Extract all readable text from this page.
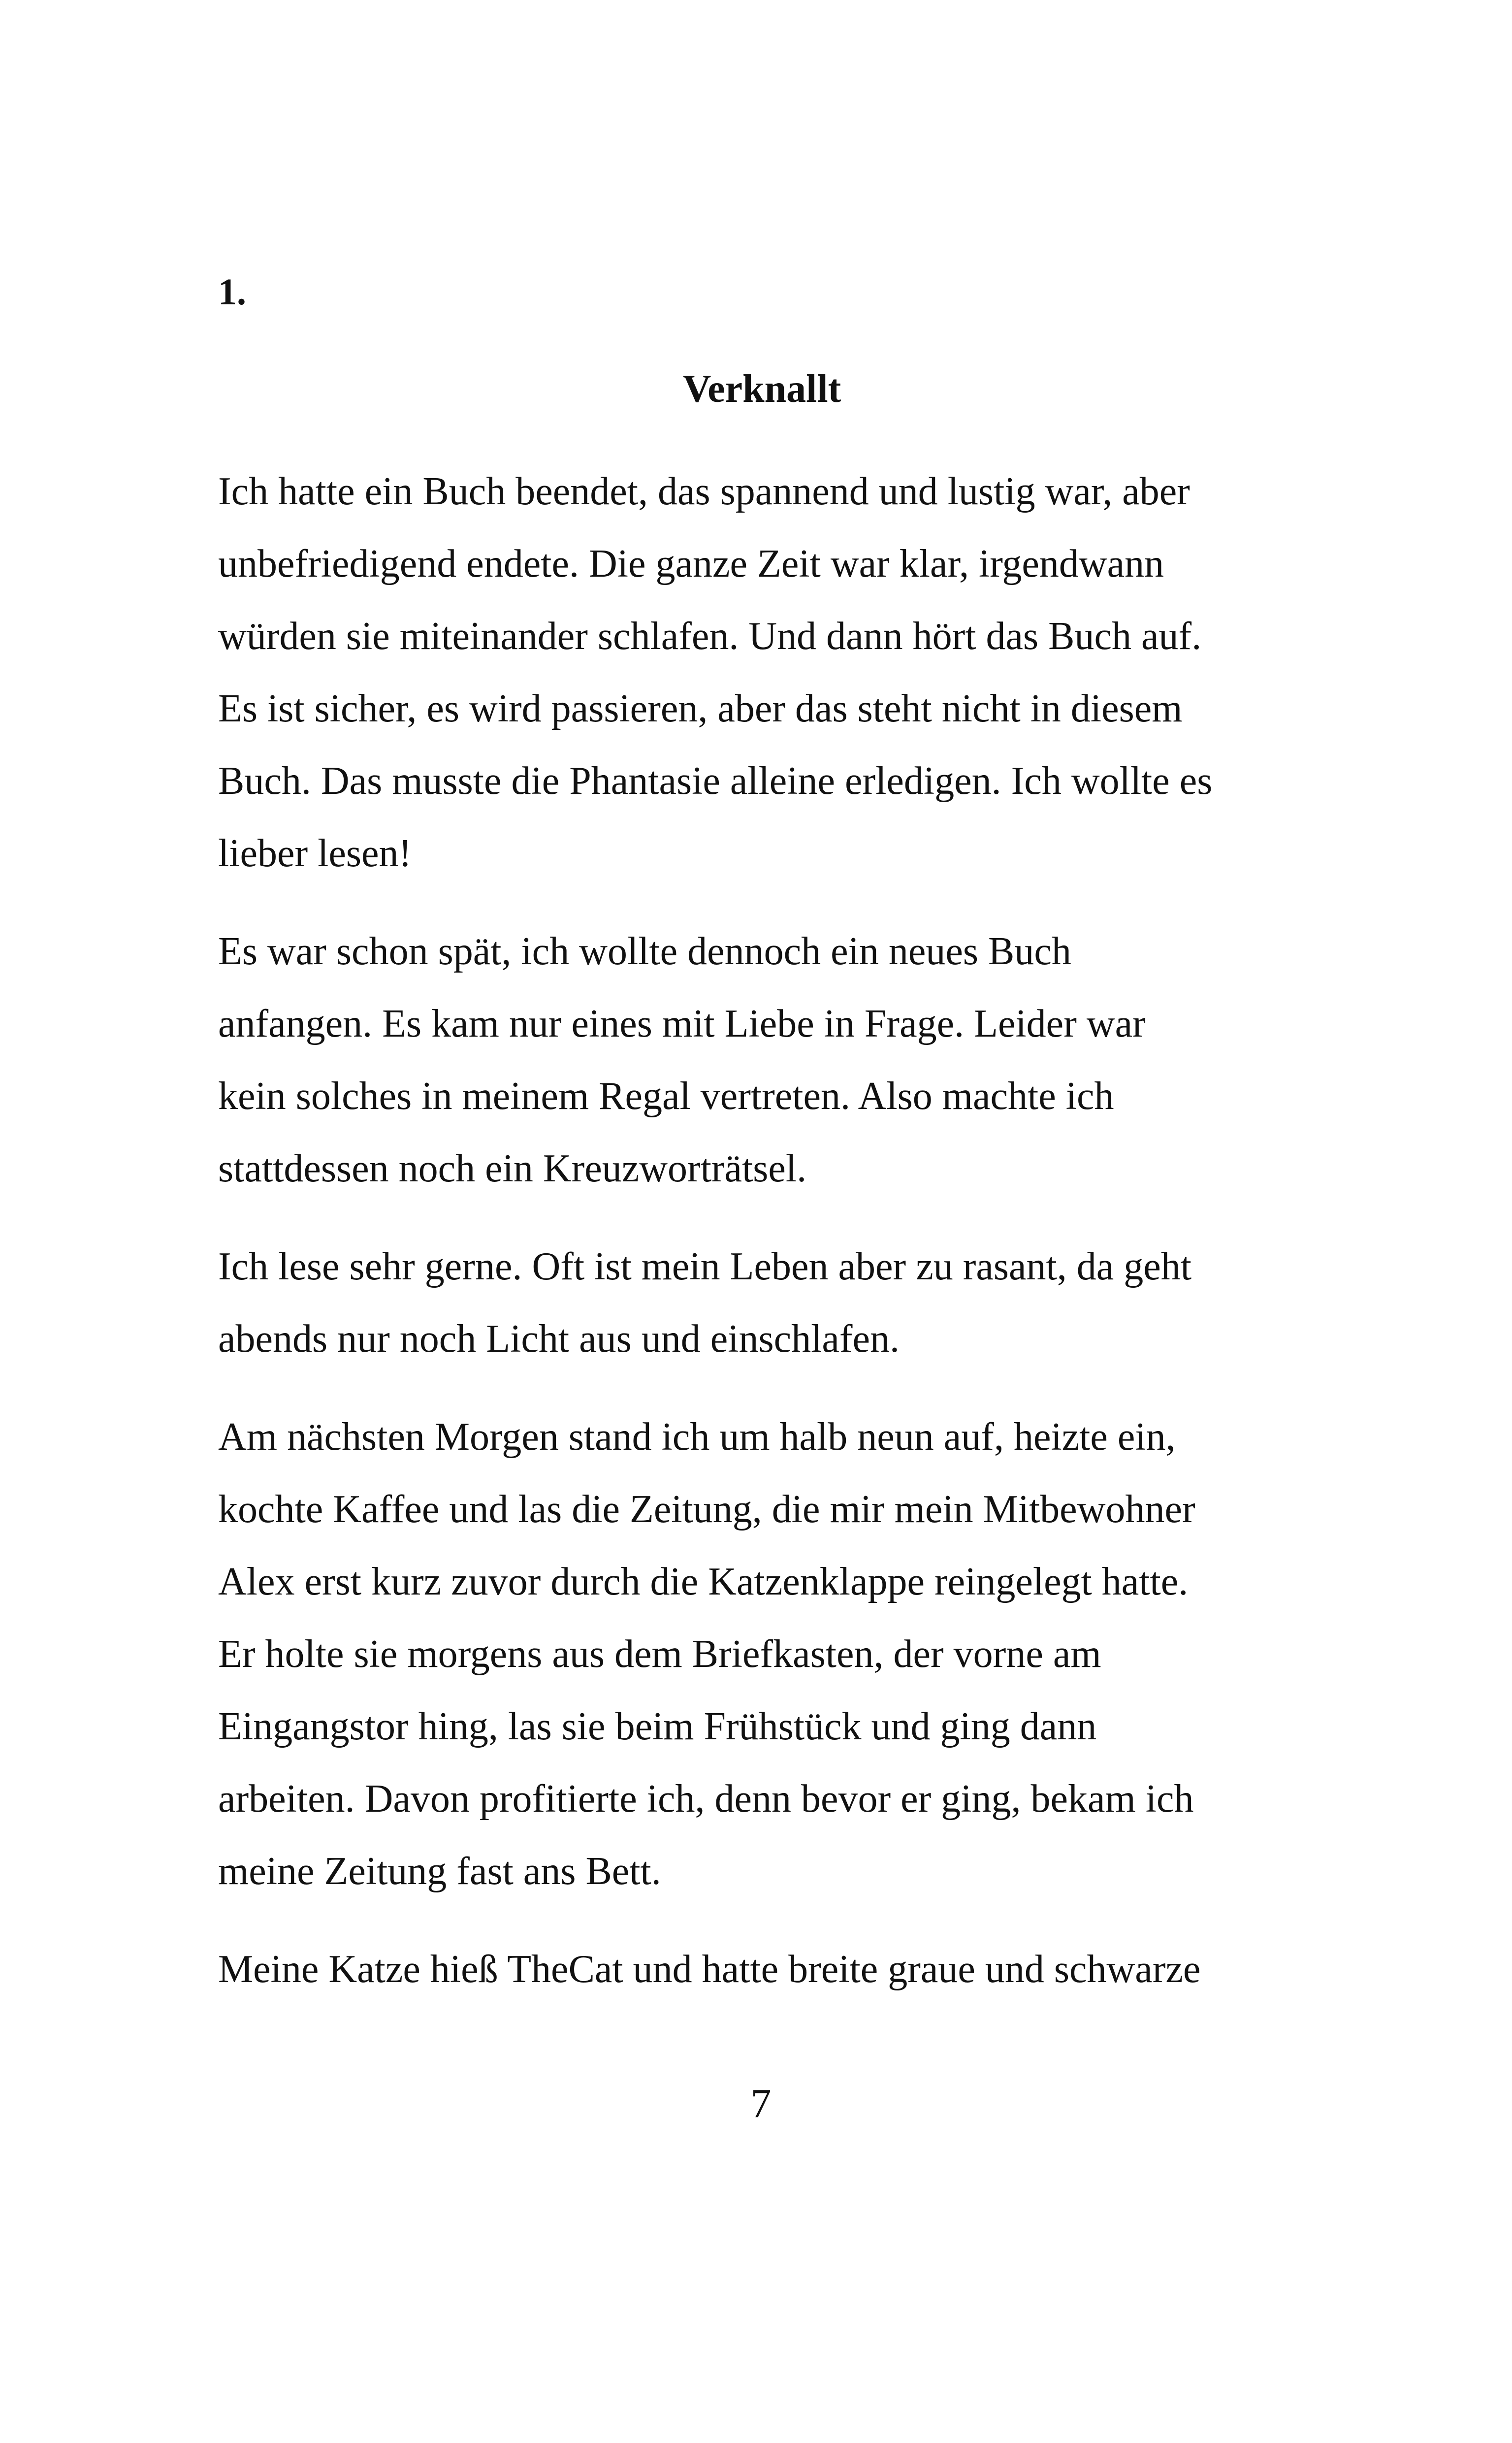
1.

Verknallt

Ich hatte ein Buch beendet, das spannend und lustig war, aber
unbefriedigend endete. Die ganze Zeit war klar, irgendwann
würden sie miteinander schlafen. Und dann hört das Buch auf.
Es ist sicher, es wird passieren, aber das steht nicht in diesem
Buch. Das musste die Phantasie alleine erledigen. Ich wollte es
lieber lesen!

Es war schon spät, ich wollte dennoch ein neues Buch
anfangen. Es kam nur eines mit Liebe in Frage. Leider war
kein solches in meinem Regal vertreten. Also machte ich
stattdessen noch ein Kreuzworträtsel.

Ich lese sehr gerne. Oft ist mein Leben aber zu rasant, da geht
abends nur noch Licht aus und einschlafen.

Am nächsten Morgen stand ich um halb neun auf, heizte ein,
kochte Kaffee und las die Zeitung, die mir mein Mitbewohner
Alex erst kurz zuvor durch die Katzenklappe reingelegt hatte.
Er holte sie morgens aus dem Briefkasten, der vorne am
Eingangstor hing, las sie beim Frühstück und ging dann
arbeiten. Davon profitierte ich, denn bevor er ging, bekam ich
meine Zeitung fast ans Bett.

Meine Katze hieß TheCat und hatte breite graue und schwarze

7
